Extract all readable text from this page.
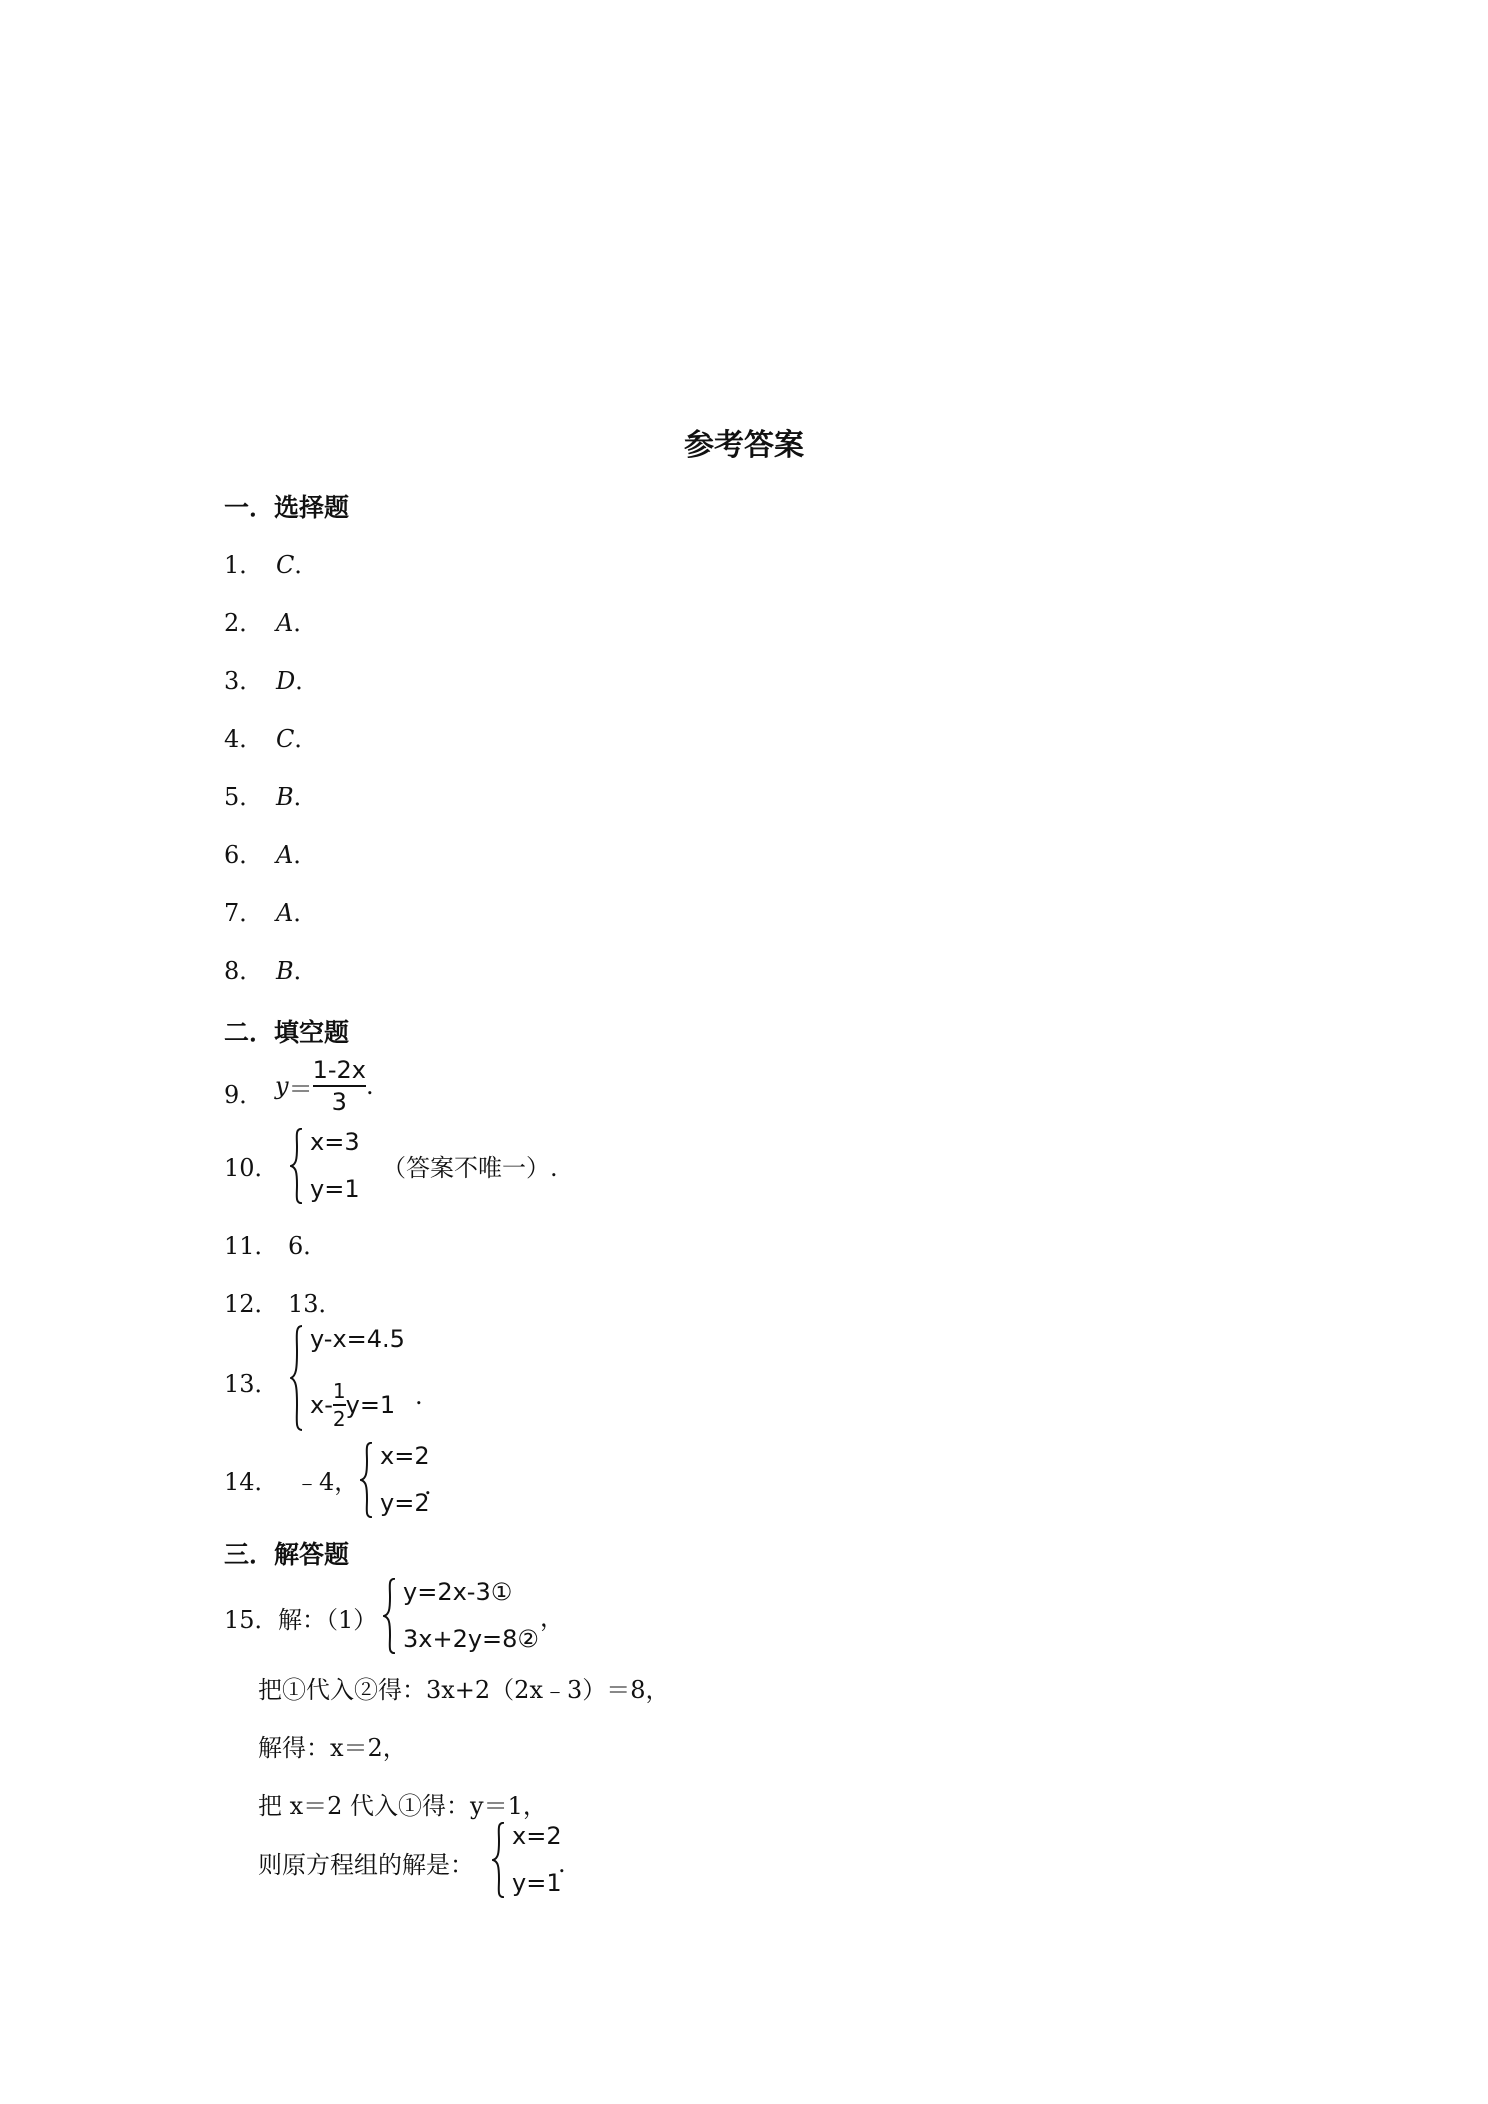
参考答案
一．选择题
1． C．
2． A．
3． D．
4． C．
5． B．
6． A．
7． A．
8． B．
二．填空题
9． $y = \frac{1-2x}{3}$ .
10．
x=3
y=1
（答案不唯一）.
11． 6．
12． 13．
13．
y-x=4.5
$x- \frac{1}{2} y=1$ .
14． ﹣4，
x=2
y=2
.
三．解答题
15． 解：（1）
y=2x-3①
3x+2y=8②
，
把①代入②得：3x+2（2x﹣3）＝8，
解得：x＝2，
把 x＝2 代入①得：y＝1，
则原方程组的解是：
x=2
y=1
.
